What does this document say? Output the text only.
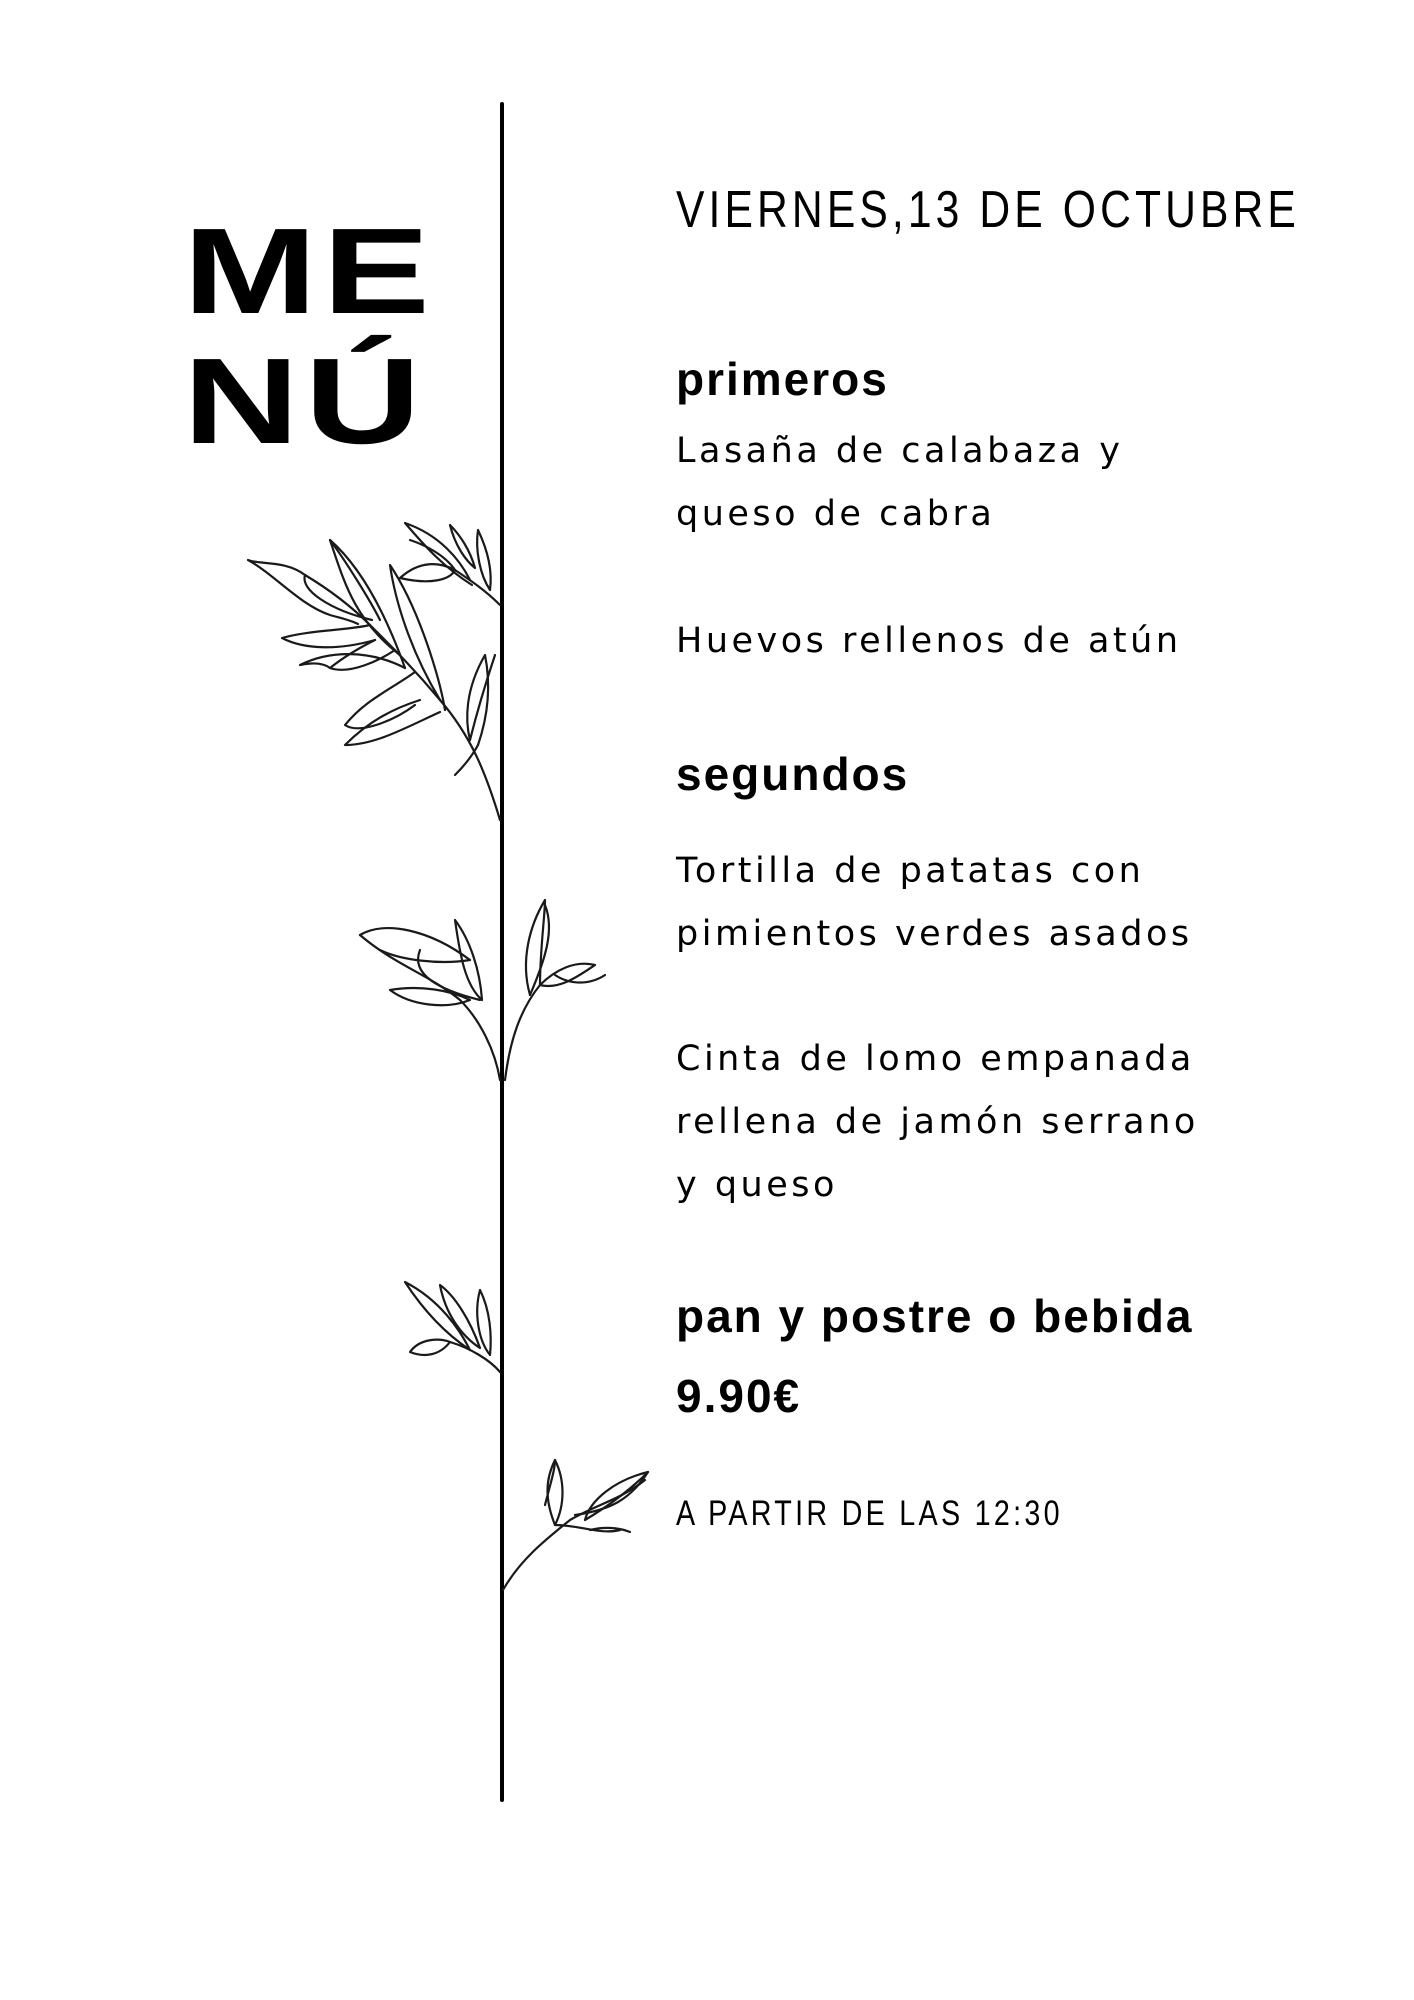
ME
NÚ

VIERNES,13 DE OCTUBRE

primeros

Lasaña de calabaza y
queso de cabra

Huevos rellenos de atún

segundos

Tortilla de patatas con
pimientos verdes asados

Cinta de lomo empanada
rellena de jamón serrano
y queso

pan y postre o bebida

9.90€

A PARTIR DE LAS 12:30
